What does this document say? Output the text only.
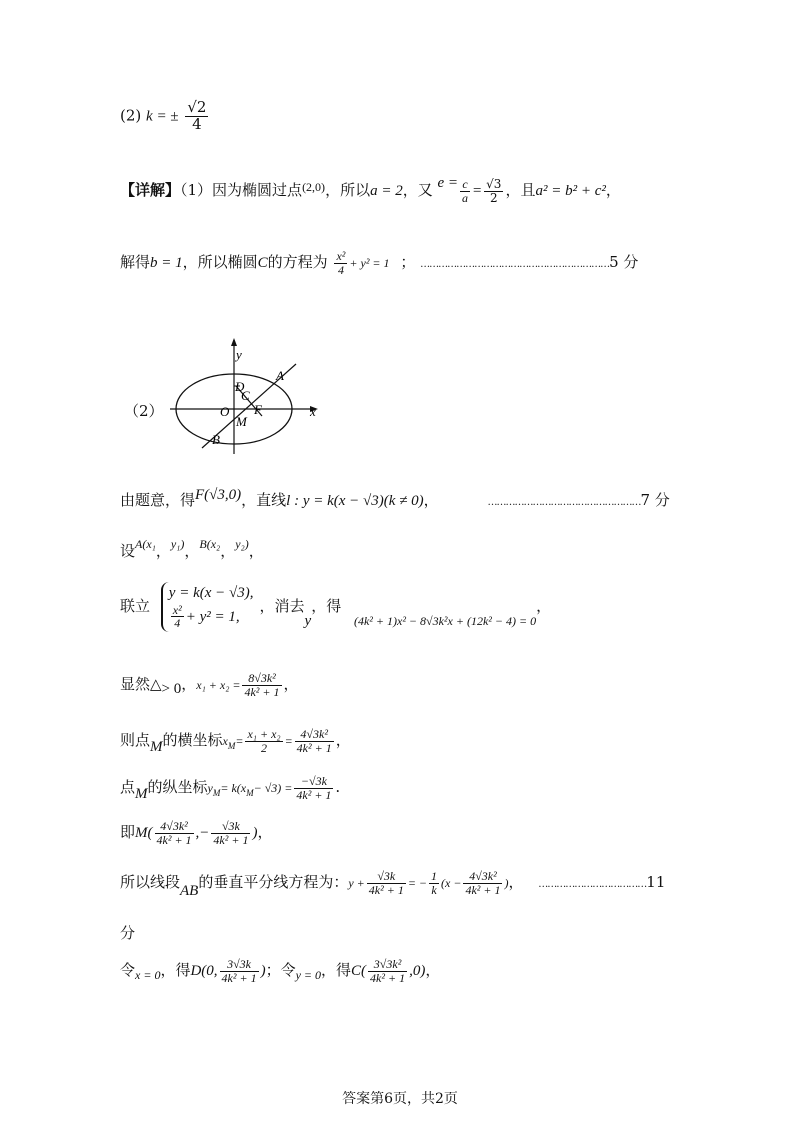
(2) k = ± $\frac{√2}{4}$
【详解】（1）因为椭圆过点$^{(2,0)}$，所以a = 2，又 $e = \frac{c}{a} = \frac{√3}{2}$ ，且a² = b² + c²，
解得b = 1，所以椭圆C的方程为 $\frac{\text{x²}}{4} + y^2 = 1$ ； ………………………………………………………5 分
（2）
y
x
O
D
C
A
F
M
B
由题意，得F(√3,0)，直线l : y = k(x − √3)(k ≠ 0)，	……………………………………………7 分
设$^{A(x_1}$，$^{y_1)}$，$^{B(x_2}$，$^{y_2)}$，
联立
y = k(x − √3),
$\frac{\text{x²}}{4} + y^2 = 1$,
，消去y，得 $_{(4k^2 + 1)x^2 - 8√3k^2x + (12k^2 - 4) = 0}$，
显然△> 0，$x_1 + x_2 = \frac{\text{8√3k²}}{\text{4k² + 1}}$ ，
则点M的横坐标$x_M= \frac{\text{x₁ + x₂}}{2} = \frac{\text{4√3k²}}{\text{4k² + 1}}$ ，
点M的纵坐标$y_M= k(x_M- √3) = \frac{-√3k}{\text{4k² + 1}}$ .
即$M( \frac{\text{4√3k²}}{\text{4k² + 1}}$ ,− $\frac{√3k}{\text{4k² + 1}}$ )，
所以线段AB的垂直平分线方程为：$y + \frac{√3k}{\text{4k² + 1}}$ = − $\frac{1}{k} (x - \frac{\text{4√3k²}}{\text{4k² + 1}}$ )， ………………………………11
分
令$_{x = 0}$，得D(0, $\frac{3√3k}{\text{4k² + 1}}$ )；令$_{y = 0}$，得$C( \frac{\text{3√3k²}}{\text{4k² + 1}} ,0)$，
答案第6页，共2页
